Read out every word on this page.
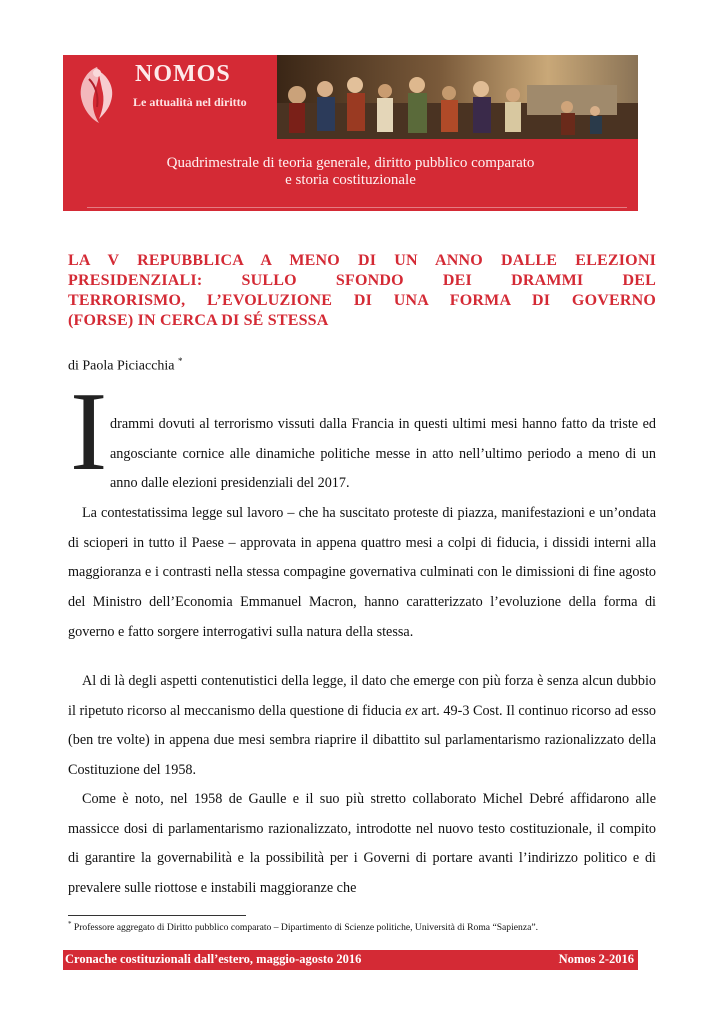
NOMOS
Le attualità nel diritto
Quadrimestrale di teoria generale, diritto pubblico comparato
e storia costituzionale
LA V REPUBBLICA A MENO DI UN ANNO DALLE ELEZIONI
PRESIDENZIALI: SULLO SFONDO DEI DRAMMI DEL
TERRORISMO, L’EVOLUZIONE DI UNA FORMA DI GOVERNO
(FORSE) IN CERCA DI SÉ STESSA
di Paola Piciacchia *
I drammi dovuti al terrorismo vissuti dalla Francia in questi ultimi mesi hanno fatto da triste ed angosciante cornice alle dinamiche politiche messe in atto nell’ultimo periodo a meno di un anno dalle elezioni presidenziali del 2017.

La contestatissima legge sul lavoro – che ha suscitato proteste di piazza, manifestazioni e un’ondata di scioperi in tutto il Paese – approvata in appena quattro mesi a colpi di fiducia, i dissidi interni alla maggioranza e i contrasti nella stessa compagine governativa culminati con le dimissioni di fine agosto del Ministro dell’Economia Emmanuel Macron, hanno caratterizzato l’evoluzione della forma di governo e fatto sorgere interrogativi sulla natura della stessa.

Al di là degli aspetti contenutistici della legge, il dato che emerge con più forza è senza alcun dubbio il ripetuto ricorso al meccanismo della questione di fiducia ex art. 49-3 Cost. Il continuo ricorso ad esso (ben tre volte) in appena due mesi sembra riaprire il dibattito sul parlamentarismo razionalizzato della Costituzione del 1958.

Come è noto, nel 1958 de Gaulle e il suo più stretto collaborato Michel Debré affidarono alle massicce dosi di parlamentarismo razionalizzato, introdotte nel nuovo testo costituzionale, il compito di garantire la governabilità e la possibilità per i Governi di portare avanti l’indirizzo politico e di prevalere sulle riottose e instabili maggioranze che

* Professore aggregato di Diritto pubblico comparato – Dipartimento di Scienze politiche, Università di Roma “Sapienza”.
Cronache costituzionali dall’estero, maggio-agosto 2016	Nomos 2-2016
